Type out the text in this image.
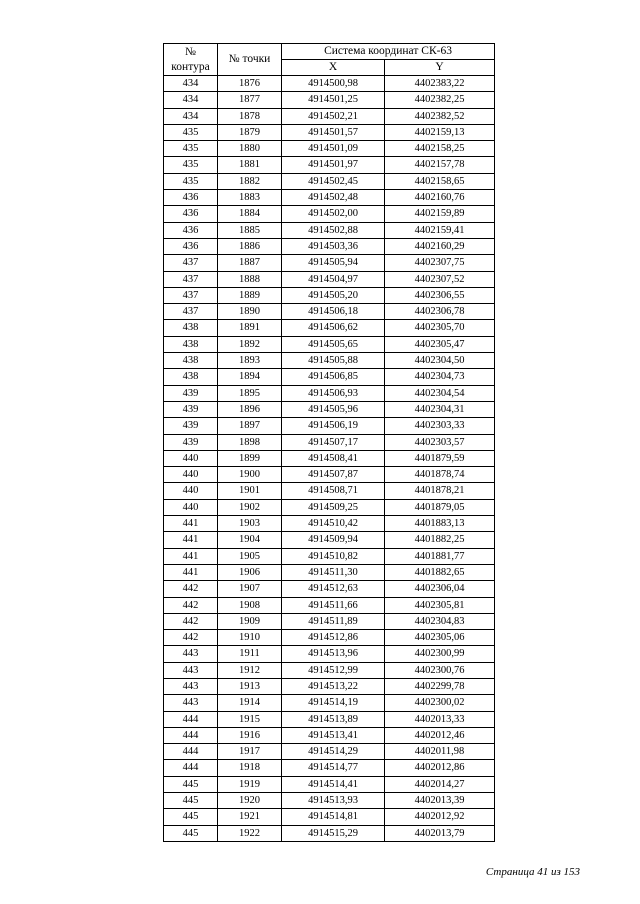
№
контура	№ точки	Система координат СК-63	
		X	Y
434	1876	4914500,98	4402383,22
434	1877	4914501,25	4402382,25
434	1878	4914502,21	4402382,52
435	1879	4914501,57	4402159,13
435	1880	4914501,09	4402158,25
435	1881	4914501,97	4402157,78
435	1882	4914502,45	4402158,65
436	1883	4914502,48	4402160,76
436	1884	4914502,00	4402159,89
436	1885	4914502,88	4402159,41
436	1886	4914503,36	4402160,29
437	1887	4914505,94	4402307,75
437	1888	4914504,97	4402307,52
437	1889	4914505,20	4402306,55
437	1890	4914506,18	4402306,78
438	1891	4914506,62	4402305,70
438	1892	4914505,65	4402305,47
438	1893	4914505,88	4402304,50
438	1894	4914506,85	4402304,73
439	1895	4914506,93	4402304,54
439	1896	4914505,96	4402304,31
439	1897	4914506,19	4402303,33
439	1898	4914507,17	4402303,57
440	1899	4914508,41	4401879,59
440	1900	4914507,87	4401878,74
440	1901	4914508,71	4401878,21
440	1902	4914509,25	4401879,05
441	1903	4914510,42	4401883,13
441	1904	4914509,94	4401882,25
441	1905	4914510,82	4401881,77
441	1906	4914511,30	4401882,65
442	1907	4914512,63	4402306,04
442	1908	4914511,66	4402305,81
442	1909	4914511,89	4402304,83
442	1910	4914512,86	4402305,06
443	1911	4914513,96	4402300,99
443	1912	4914512,99	4402300,76
443	1913	4914513,22	4402299,78
443	1914	4914514,19	4402300,02
444	1915	4914513,89	4402013,33
444	1916	4914513,41	4402012,46
444	1917	4914514,29	4402011,98
444	1918	4914514,77	4402012,86
445	1919	4914514,41	4402014,27
445	1920	4914513,93	4402013,39
445	1921	4914514,81	4402012,92
445	1922	4914515,29	4402013,79
Страница 41 из 153
